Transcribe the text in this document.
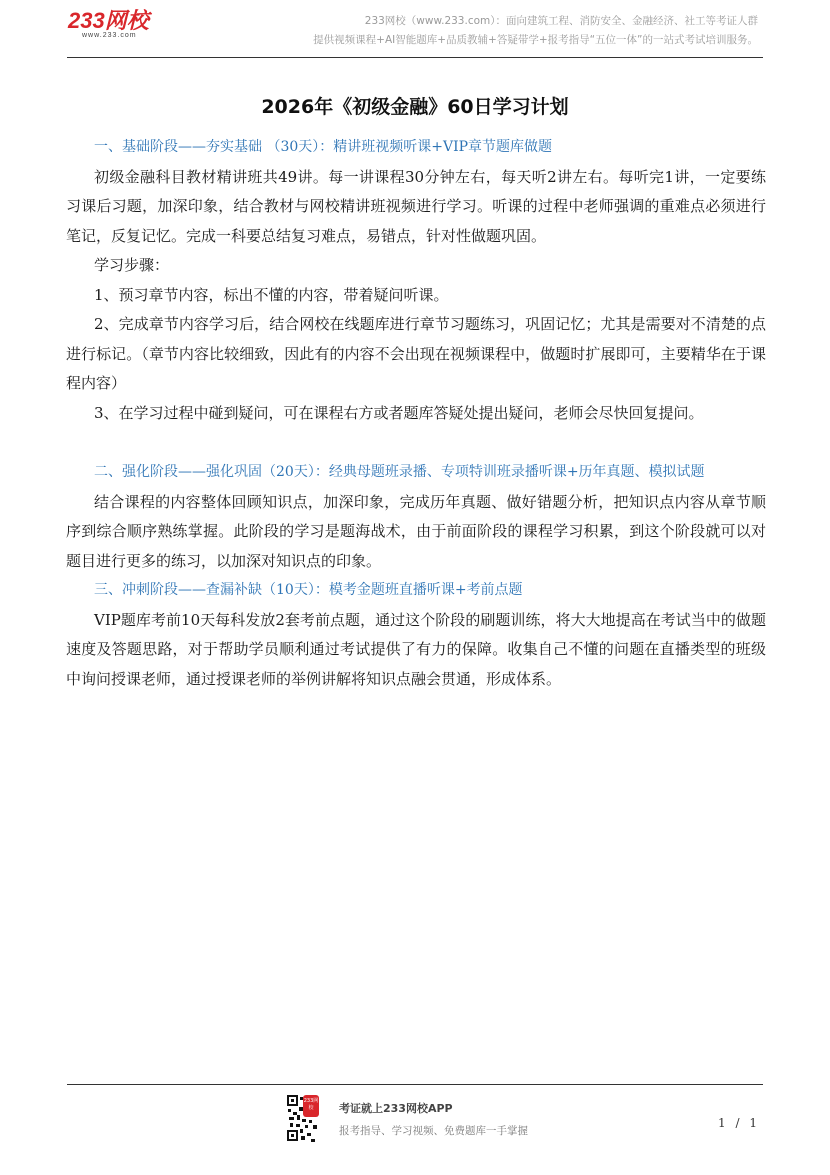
233网校
www.233.com
233网校（www.233.com）：面向建筑工程、消防安全、金融经济、社工等考证人群
提供视频课程+AI智能题库+品质教辅+答疑带学+报考指导“五位一体”的一站式考试培训服务。
2026年《初级金融》60日学习计划

一、基础阶段——夯实基础 （30天）：精讲班视频听课+VIP章节题库做题

初级金融科目教材精讲班共49讲。每一讲课程30分钟左右，每天听2讲左右。每听完1讲，一定要练习课后习题，加深印象，结合教材与网校精讲班视频进行学习。听课的过程中老师强调的重难点必须进行笔记，反复记忆。完成一科要总结复习难点，易错点，针对性做题巩固。

学习步骤：

1、预习章节内容，标出不懂的内容，带着疑问听课。

2、完成章节内容学习后，结合网校在线题库进行章节习题练习，巩固记忆；尤其是需要对不清楚的点进行标记。（章节内容比较细致，因此有的内容不会出现在视频课程中，做题时扩展即可，主要精华在于课程内容）

3、在学习过程中碰到疑问，可在课程右方或者题库答疑处提出疑问，老师会尽快回复提问。

二、强化阶段——强化巩固（20天）：经典母题班录播、专项特训班录播听课+历年真题、模拟试题

结合课程的内容整体回顾知识点，加深印象，完成历年真题、做好错题分析，把知识点内容从章节顺序到综合顺序熟练掌握。此阶段的学习是题海战术，由于前面阶段的课程学习积累，到这个阶段就可以对题目进行更多的练习，以加深对知识点的印象。

三、冲刺阶段——查漏补缺（10天）：模考金题班直播听课+考前点题

VIP题库考前10天每科发放2套考前点题，通过这个阶段的刷题训练，将大大地提高在考试当中的做题速度及答题思路，对于帮助学员顺利通过考试提供了有力的保障。收集自己不懂的问题在直播类型的班级中询问授课老师，通过授课老师的举例讲解将知识点融会贯通，形成体系。

233网校	考证就上233网校APP
报考指导、学习视频、免费题库一手掌握
1 / 1
